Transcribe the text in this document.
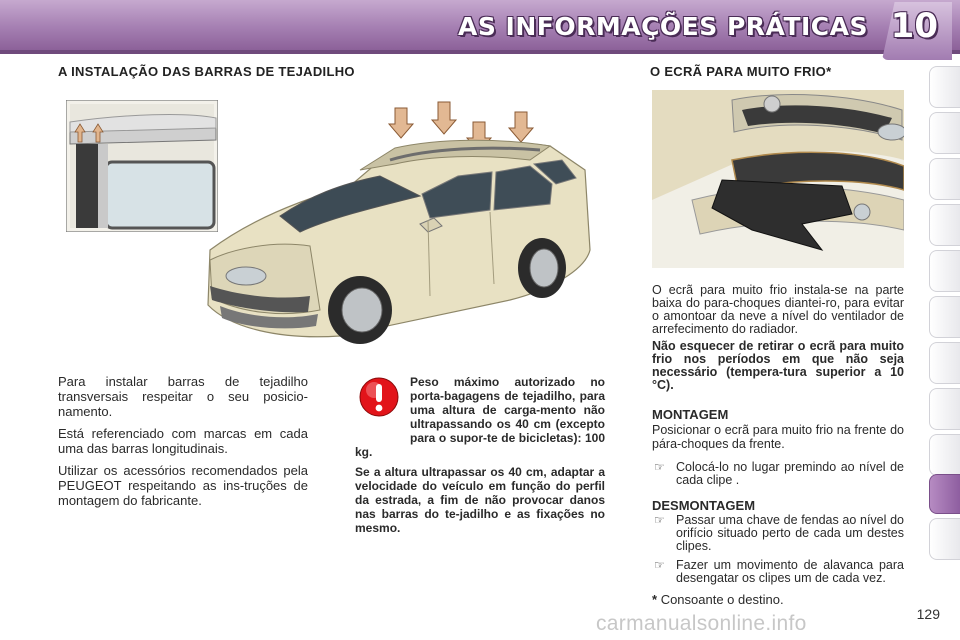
AS INFORMAÇÕES PRÁTICAS 10
A INSTALAÇÃO DAS BARRAS DE TEJADILHO

Para instalar barras de tejadilho transversais respeitar o seu posicio-namento.

Está referenciado com marcas em cada uma das barras longitudinais.

Utilizar os acessórios recomendados pela PEUGEOT respeitando as ins-truções de montagem do fabricante.

Peso máximo autorizado no porta-bagagens de tejadilho, para uma altura de carga-mento não ultrapassando os 40 cm (excepto para o supor-te de bicicletas): 100 kg.

Se a altura ultrapassar os 40 cm, adaptar a velocidade do veículo em função do perfil da estrada, a fim de não provocar danos nas barras do te-jadilho e as fixações no mesmo.

O ECRÃ PARA MUITO FRIO*

O ecrã para muito frio instala-se na parte baixa do para-choques diantei-ro, para evitar o amontoar da neve a nível do ventilador de arrefecimento do radiador.

Não esquecer de retirar o ecrã para muito frio nos períodos em que não seja necessário (tempera-tura superior a 10 °C).

MONTAGEM

Posicionar o ecrã para muito frio na frente do pára-choques da frente.

☞ Colocá-lo no lugar premindo ao nível de cada clipe .
DESMONTAGEM
☞ Passar uma chave de fendas ao nível do orifício situado perto de cada um destes clipes.
☞ Fazer um movimento de alavanca para desengatar os clipes um de cada vez.
* Consoante o destino.
129
carmanualsonline.info
